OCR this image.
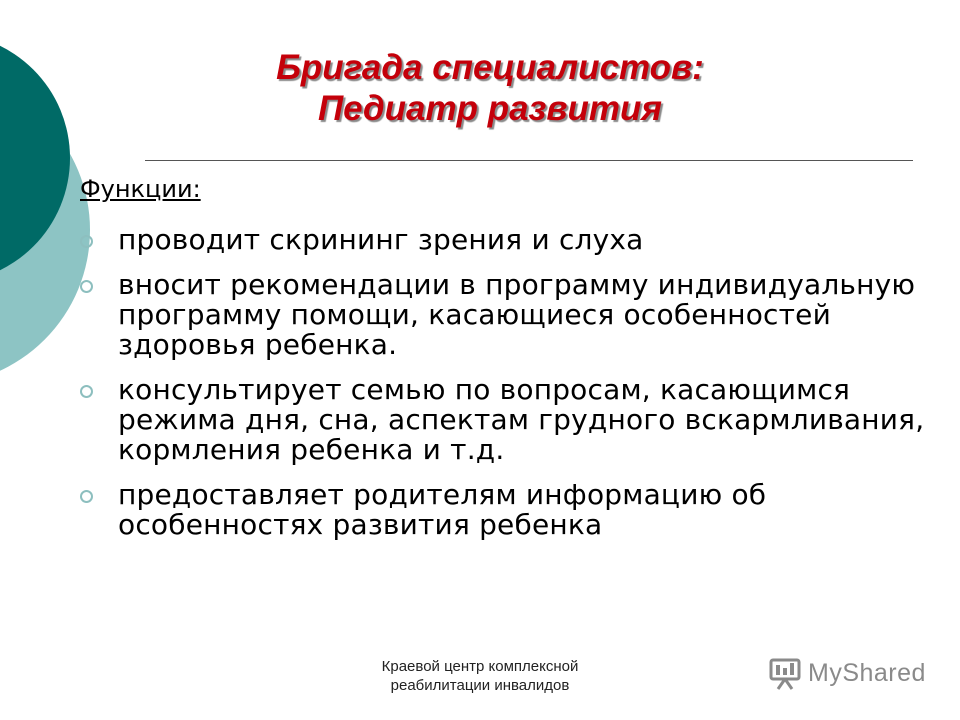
Бригада специалистов:
Педиатр развития
Функции:
проводит скрининг зрения и слуха
вносит рекомендации в программу индивидуальную программу помощи, касающиеся особенностей здоровья ребенка.
консультирует семью по вопросам, касающимся режима дня, сна, аспектам грудного вскармливания, кормления ребенка и т.д.
предоставляет родителям информацию об особенностях развития ребенка
Краевой центр комплексной
реабилитации инвалидов	MyShared
